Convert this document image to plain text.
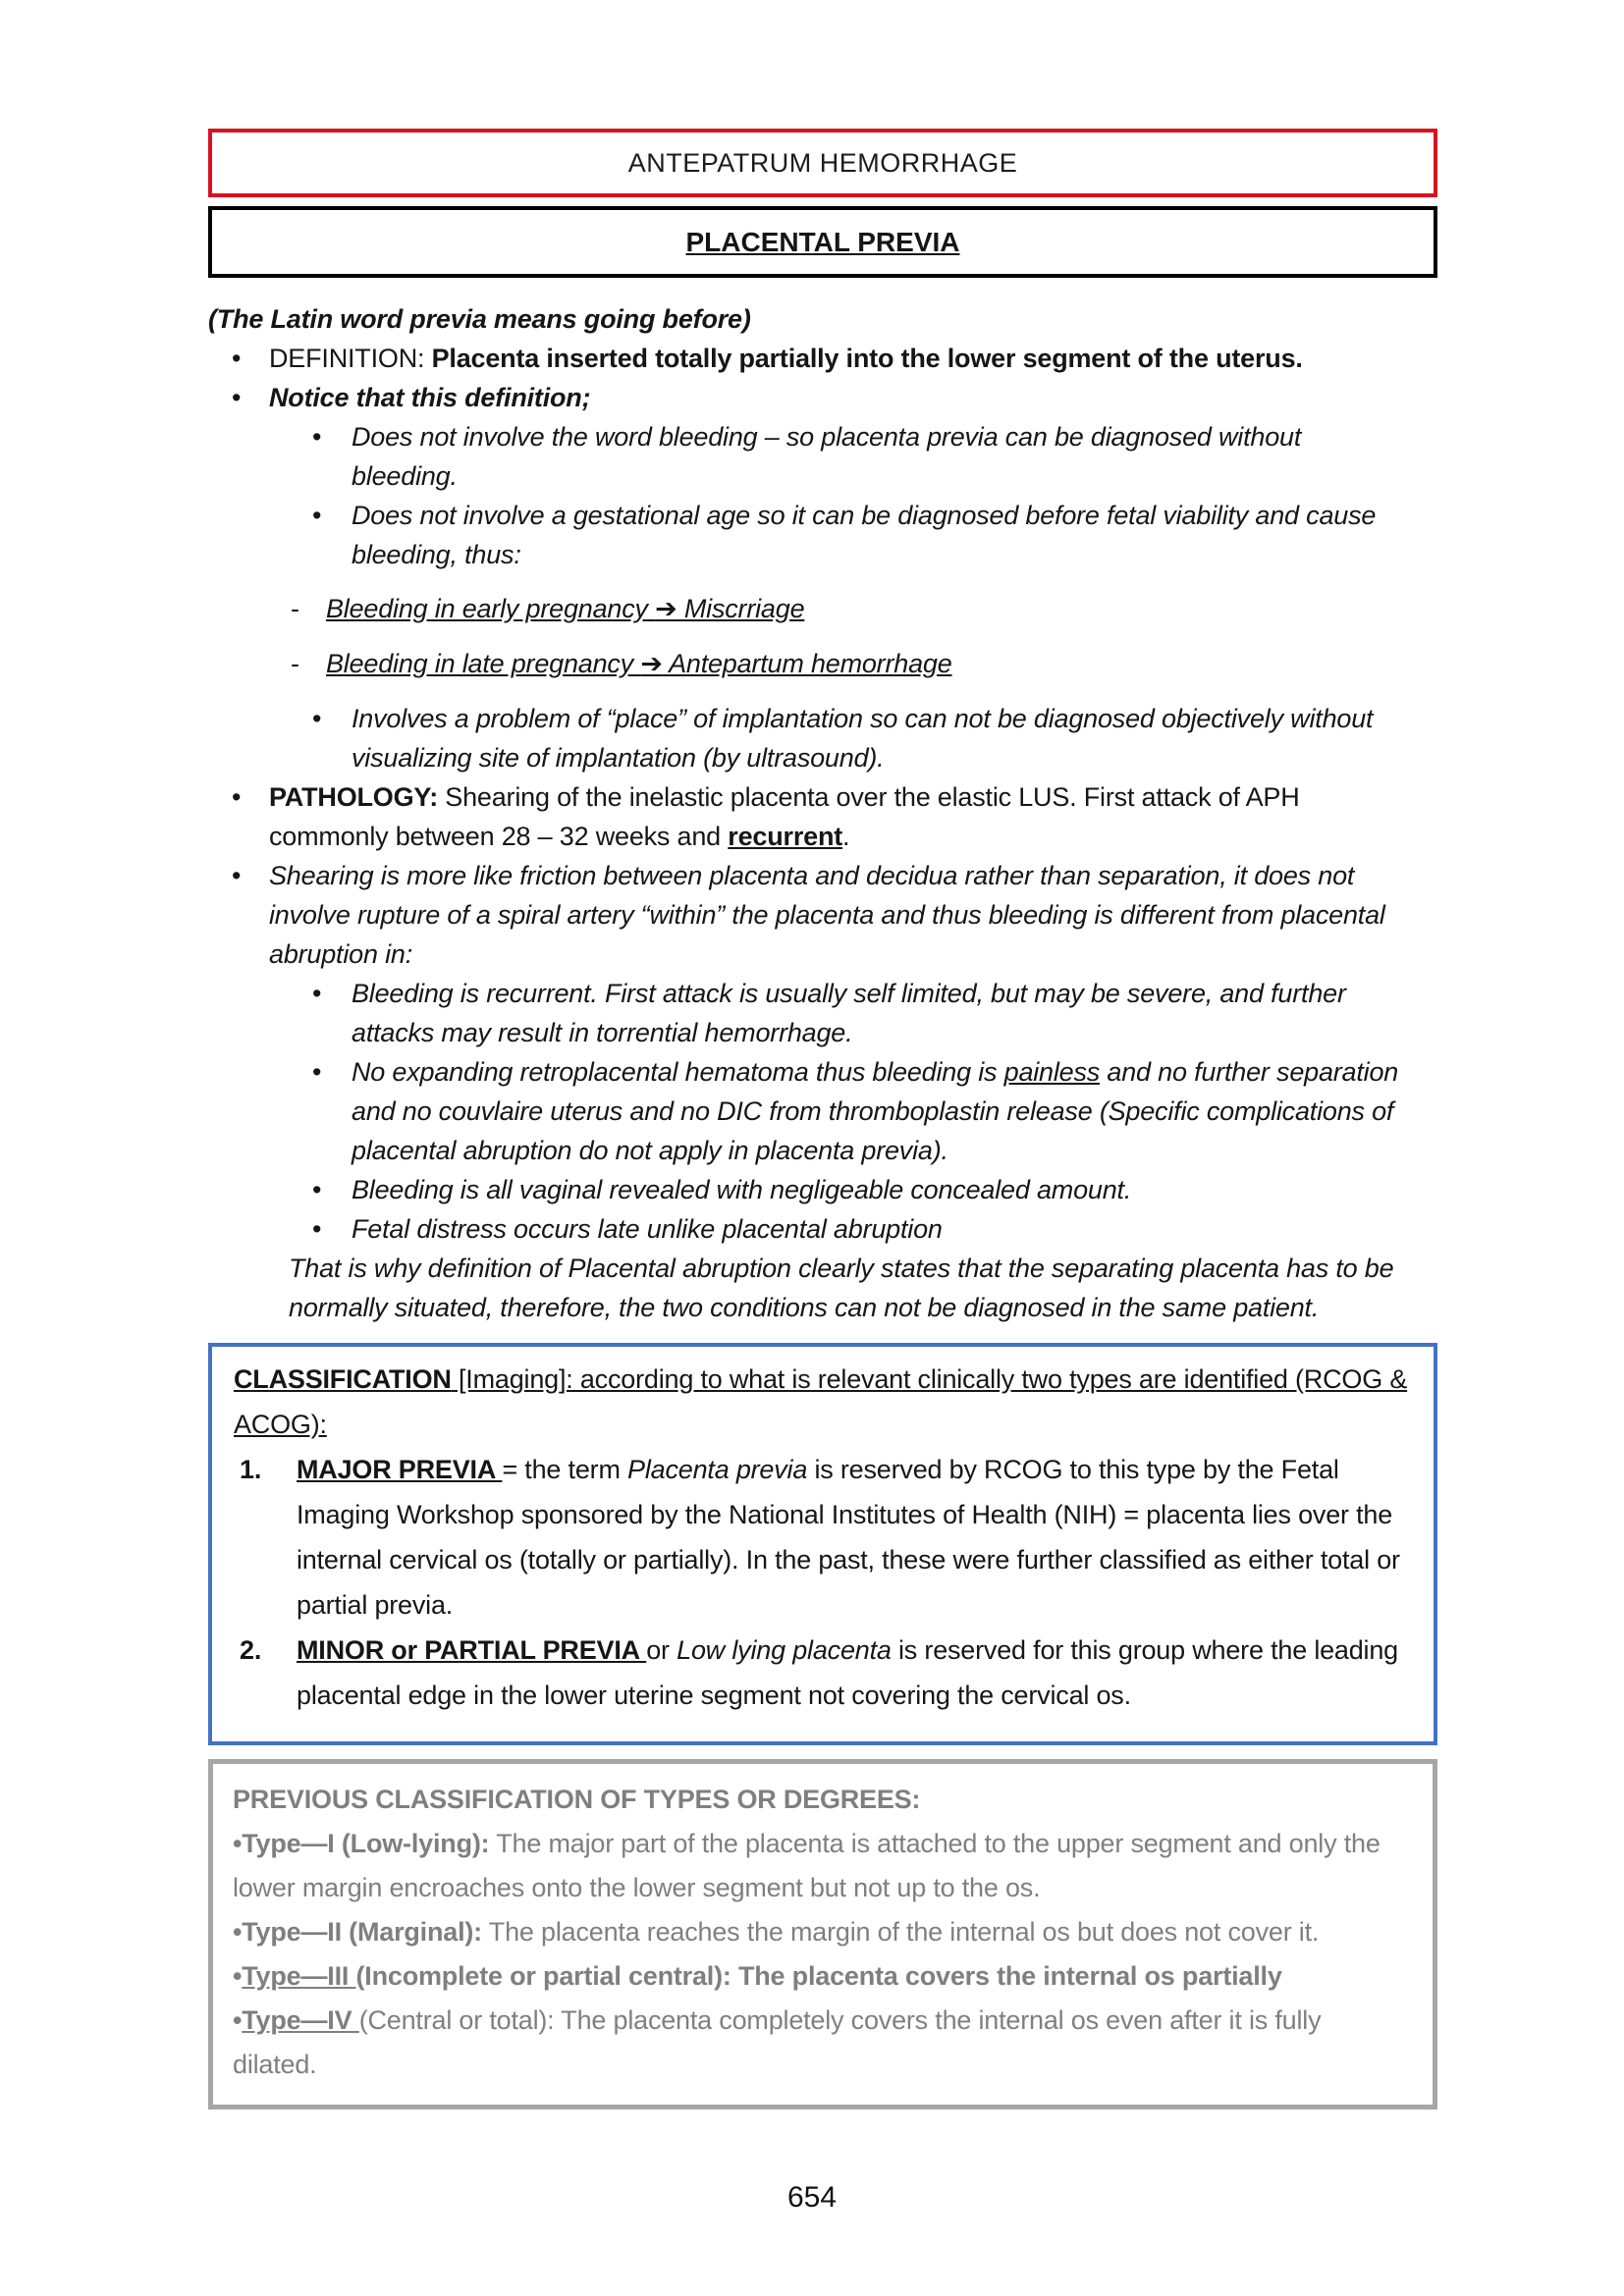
ANTEPATRUM HEMORRHAGE
PLACENTAL PREVIA
(The Latin word previa means going before)
• DEFINITION: Placenta inserted totally partially into the lower segment of the uterus.
• Notice that this definition;
• Does not involve the word bleeding – so placenta previa can be diagnosed without bleeding.
• Does not involve a gestational age so it can be diagnosed before fetal viability and cause bleeding, thus:
- Bleeding in early pregnancy ➔ Miscrriage
- Bleeding in late pregnancy ➔ Antepartum hemorrhage
• Involves a problem of “place” of implantation so can not be diagnosed objectively without visualizing site of implantation (by ultrasound).
• PATHOLOGY: Shearing of the inelastic placenta over the elastic LUS. First attack of APH commonly between 28 – 32 weeks and recurrent.
• Shearing is more like friction between placenta and decidua rather than separation, it does not involve rupture of a spiral artery “within” the placenta and thus bleeding is different from placental abruption in:
• Bleeding is recurrent. First attack is usually self limited, but may be severe, and further attacks may result in torrential hemorrhage.
• No expanding retroplacental hematoma thus bleeding is painless and no further separation and no couvlaire uterus and no DIC from thromboplastin release (Specific complications of placental abruption do not apply in placenta previa).
• Bleeding is all vaginal revealed with negligeable concealed amount.
• Fetal distress occurs late unlike placental abruption
That is why definition of Placental abruption clearly states that the separating placenta has to be normally situated, therefore, the two conditions can not be diagnosed in the same patient.
CLASSIFICATION [Imaging]: according to what is relevant clinically two types are identified (RCOG & ACOG):
1. MAJOR PREVIA = the term Placenta previa is reserved by RCOG to this type by the Fetal Imaging Workshop sponsored by the National Institutes of Health (NIH) = placenta lies over the internal cervical os (totally or partially). In the past, these were further classified as either total or partial previa.
2. MINOR or PARTIAL PREVIA or Low lying placenta is reserved for this group where the leading placental edge in the lower uterine segment not covering the cervical os.
PREVIOUS CLASSIFICATION OF TYPES OR DEGREES:
•Type—I (Low-lying): The major part of the placenta is attached to the upper segment and only the lower margin encroaches onto the lower segment but not up to the os.
•Type—II (Marginal): The placenta reaches the margin of the internal os but does not cover it.
•Type—III (Incomplete or partial central): The placenta covers the internal os partially
•Type—IV (Central or total): The placenta completely covers the internal os even after it is fully dilated.
654
